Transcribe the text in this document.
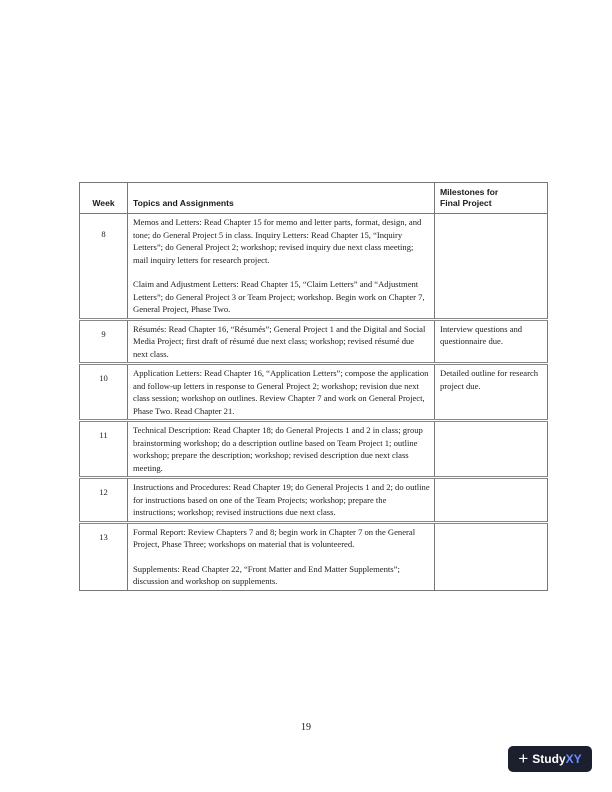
Week	Topics and Assignments	Milestones for
Final Project

8	Memos and Letters: Read Chapter 15 for memo and letter parts, format, design, and tone; do General Project 5 in class. Inquiry Letters: Read Chapter 15, “Inquiry Letters”; do General Project 2; workshop; revised inquiry due next class meeting; mail inquiry letters for research project.

Claim and Adjustment Letters: Read Chapter 15, “Claim Letters” and “Adjustment Letters”; do General Project 3 or Team Project; workshop. Begin work on Chapter 7, General Project, Phase Two.	

9	Résumés: Read Chapter 16, “Résumés”; General Project 1 and the Digital and Social Media Project; first draft of résumé due next class; workshop; revised résumé due next class.	Interview questions and questionnaire due.
10	Application Letters: Read Chapter 16, “Application Letters”; compose the application and follow-up letters in response to General Project 2; workshop; revision due next class session; workshop on outlines. Review Chapter 7 and work on General Project, Phase Two. Read Chapter 21.	Detailed outline for research project due.
11	Technical Description: Read Chapter 18; do General Projects 1 and 2 in class; group brainstorming workshop; do a description outline based on Team Project 1; outline workshop; prepare the description; workshop; revised description due next class meeting.	

12	Instructions and Procedures: Read Chapter 19; do General Projects 1 and 2; do outline for instructions based on one of the Team Projects; workshop; prepare the instructions; workshop; revised instructions due next class.	

13	Formal Report: Review Chapters 7 and 8; begin work in Chapter 7 on the General Project, Phase Three; workshops on material that is volunteered.

Supplements: Read Chapter 22, “Front Matter and End Matter Supplements”; discussion and workshop on supplements.	

19
+ StudyXY
